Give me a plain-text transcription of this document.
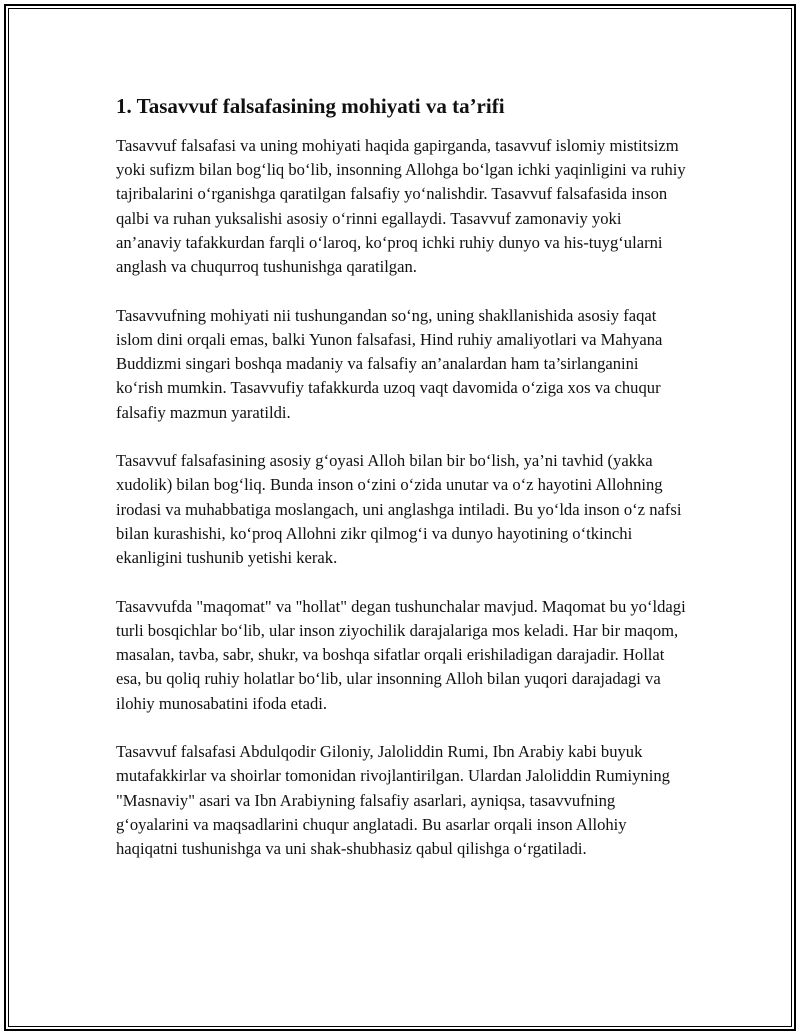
1. Tasavvuf falsafasining mohiyati va ta’rifi

Tasavvuf falsafasi va uning mohiyati haqida gapirganda, tasavvuf islomiy mistitsizm yoki sufizm bilan bog‘liq bo‘lib, insonning Allohga bo‘lgan ichki yaqinligini va ruhiy tajribalarini o‘rganishga qaratilgan falsafiy yo‘nalishdir. Tasavvuf falsafasida inson qalbi va ruhan yuksalishi asosiy o‘rinni egallaydi. Tasavvuf zamonaviy yoki an’anaviy tafakkurdan farqli o‘laroq, ko‘proq ichki ruhiy dunyo va his-tuyg‘ularni anglash va chuqurroq tushunishga qaratilgan.

Tasavvufning mohiyati nii tushungandan so‘ng, uning shakllanishida asosiy faqat islom dini orqali emas, balki Yunon falsafasi, Hind ruhiy amaliyotlari va Mahyana Buddizmi singari boshqa madaniy va falsafiy an’analardan ham ta’sirlanganini ko‘rish mumkin. Tasavvufiy tafakkurda uzoq vaqt davomida o‘ziga xos va chuqur falsafiy mazmun yaratildi.

Tasavvuf falsafasining asosiy g‘oyasi Alloh bilan bir bo‘lish, ya’ni tavhid (yakka xudolik) bilan bog‘liq. Bunda inson o‘zini o‘zida unutar va o‘z hayotini Allohning irodasi va muhabbatiga moslangach, uni anglashga intiladi. Bu yo‘lda inson o‘z nafsi bilan kurashishi, ko‘proq Allohni zikr qilmog‘i va dunyo hayotining o‘tkinchi ekanligini tushunib yetishi kerak.

Tasavvufda "maqomat" va "hollat" degan tushunchalar mavjud. Maqomat bu yo‘ldagi turli bosqichlar bo‘lib, ular inson ziyochilik darajalariga mos keladi. Har bir maqom, masalan, tavba, sabr, shukr, va boshqa sifatlar orqali erishiladigan darajadir. Hollat esa, bu qoliq ruhiy holatlar bo‘lib, ular insonning Alloh bilan yuqori darajadagi va ilohiy munosabatini ifoda etadi.

Tasavvuf falsafasi Abdulqodir Giloniy, Jaloliddin Rumi, Ibn Arabiy kabi buyuk mutafakkirlar va shoirlar tomonidan rivojlantirilgan. Ulardan Jaloliddin Rumiyning "Masnaviy" asari va Ibn Arabiyning falsafiy asarlari, ayniqsa, tasavvufning g‘oyalarini va maqsadlarini chuqur anglatadi. Bu asarlar orqali inson Allohiy haqiqatni tushunishga va uni shak-shubhasiz qabul qilishga o‘rgatiladi.
